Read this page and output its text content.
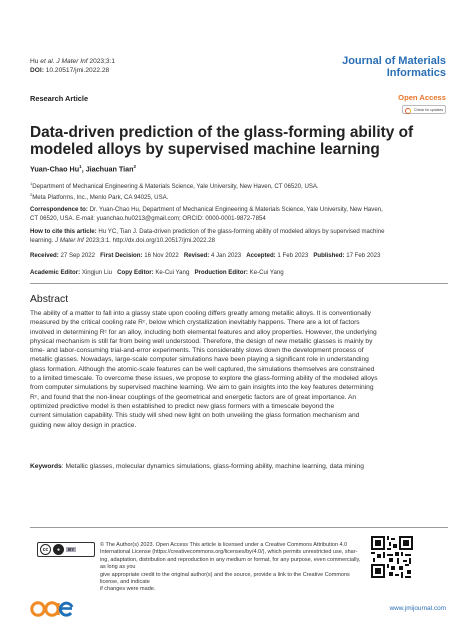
Hu et al. J Mater Inf 2023;3:1
DOI: 10.20517/jmi.2022.28
Journal of Materials
Informatics
Research Article	Open Access
Check for updates
Data-driven prediction of the glass-forming ability of
modeled alloys by supervised machine learning
Yuan-Chao Hu$^1$, Jiachuan Tian$^2$
$^1$Department of Mechanical Engineering & Materials Science, Yale University, New Haven, CT 06520, USA.
$^2$Meta Platforms, Inc., Menlo Park, CA 94025, USA.
Correspondence to: Dr. Yuan-Chao Hu, Department of Mechanical Engineering & Materials Science, Yale University, New Haven,
CT 06520, USA. E-mail: yuanchao.hu0213@gmail.com; ORCID: 0000-0001-9872-7854
How to cite this article: Hu YC, Tian J. Data-driven prediction of the glass-forming ability of modeled alloys by supervised machine
learning. J Mater Inf 2023;3:1. http://dx.doi.org/10.20517/jmi.2022.28
Received: 27 Sep 2022 First Decision: 16 Nov 2022 Revised: 4 Jan 2023 Accepted: 1 Feb 2023 Published: 17 Feb 2023
Academic Editor: Xingjun Liu Copy Editor: Ke-Cui Yang Production Editor: Ke-Cui Yang
Abstract
The ability of a matter to fall into a glassy state upon cooling differs greatly among metallic alloys. It is conventionally
measured by the critical cooling rate Rᶜ, below which crystallization inevitably happens. There are a lot of factors
involved in determining Rᶜ for an alloy, including both elemental features and alloy properties. However, the underlying
physical mechanism is still far from being well understood. Therefore, the design of new metallic glasses is mainly by
time- and labor-consuming trial-and-error experiments. This considerably slows down the development process of
metallic glasses. Nowadays, large-scale computer simulations have been playing a significant role in understanding
glass formation. Although the atomic-scale features can be well captured, the simulations themselves are constrained
to a limited timescale. To overcome these issues, we propose to explore the glass-forming ability of the modeled alloys
from computer simulations by supervised machine learning. We aim to gain insights into the key features determining
Rᶜ, and found that the non-linear couplings of the geometrical and energetic factors are of great importance. An
optimized predictive model is then established to predict new glass formers with a timescale beyond the
current simulation capability. This study will shed new light on both unveiling the glass formation mechanism and
guiding new alloy design in practice.
Keywords: Metallic glasses, molecular dynamics simulations, glass-forming ability, machine learning, data mining
cc	●	BY
© The Author(s) 2023. Open Access This article is licensed under a Creative Commons Attribution 4.0
International License (https://creativecommons.org/licenses/by/4.0/), which permits unrestricted use, shar-
ing, adaptation, distribution and reproduction in any medium or format, for any purpose, even commercially, as long as you
give appropriate credit to the original author(s) and the source, provide a link to the Creative Commons license, and indicate
if changes were made.
www.jmijournal.com
